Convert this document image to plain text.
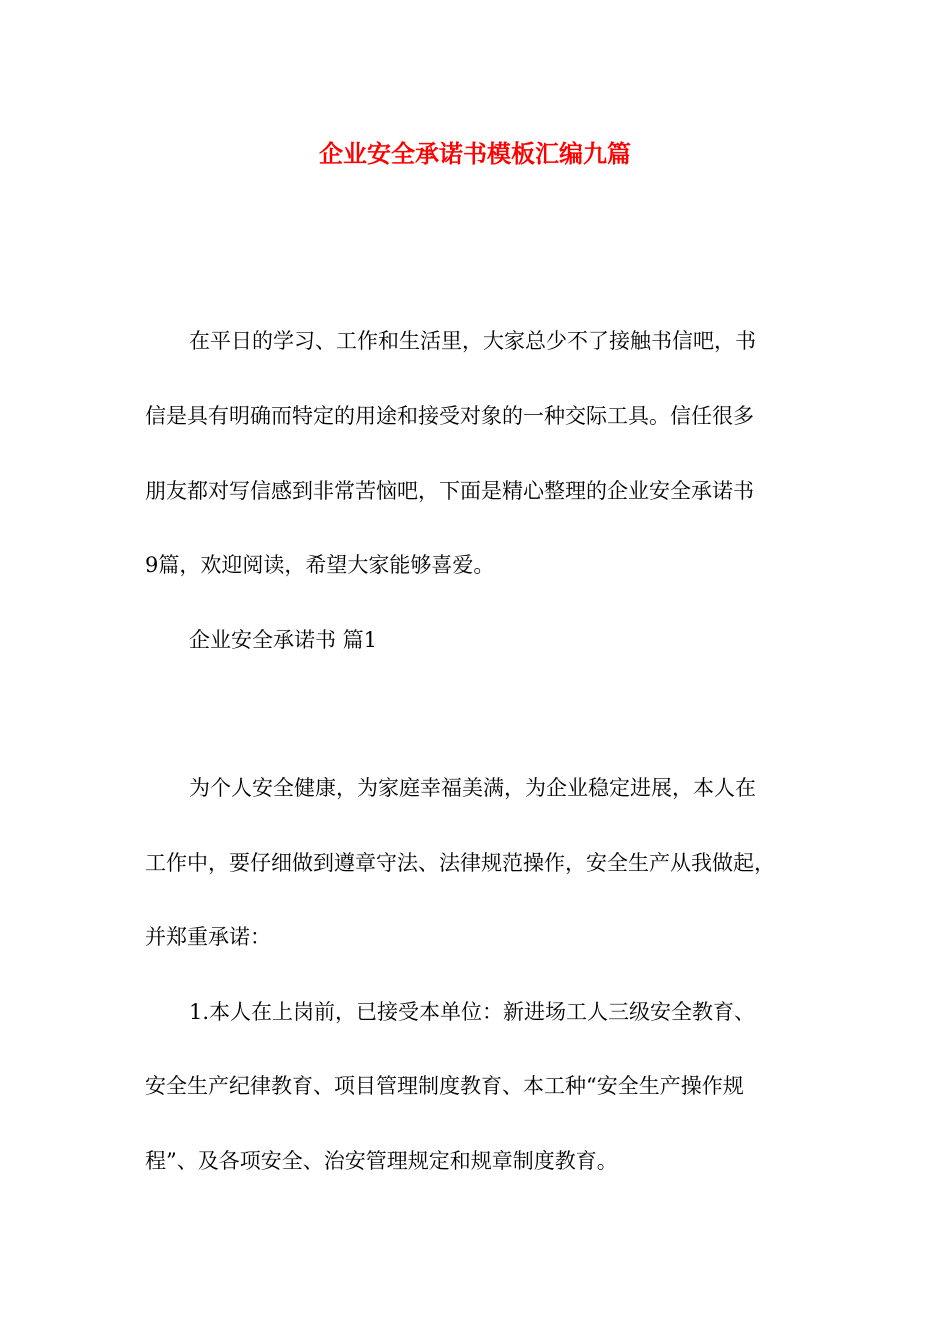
企业安全承诺书模板汇编九篇

在平日的学习、工作和生活里，大家总少不了接触书信吧，书

信是具有明确而特定的用途和接受对象的一种交际工具。信任很多

朋友都对写信感到非常苦恼吧，下面是精心整理的企业安全承诺书

9篇，欢迎阅读，希望大家能够喜爱。

企业安全承诺书 篇1

为个人安全健康，为家庭幸福美满，为企业稳定进展，本人在

工作中，要仔细做到遵章守法、法律规范操作，安全生产从我做起，

并郑重承诺：

1.本人在上岗前，已接受本单位：新进场工人三级安全教育、

安全生产纪律教育、项目管理制度教育、本工种“安全生产操作规

程”、及各项安全、治安管理规定和规章制度教育。
